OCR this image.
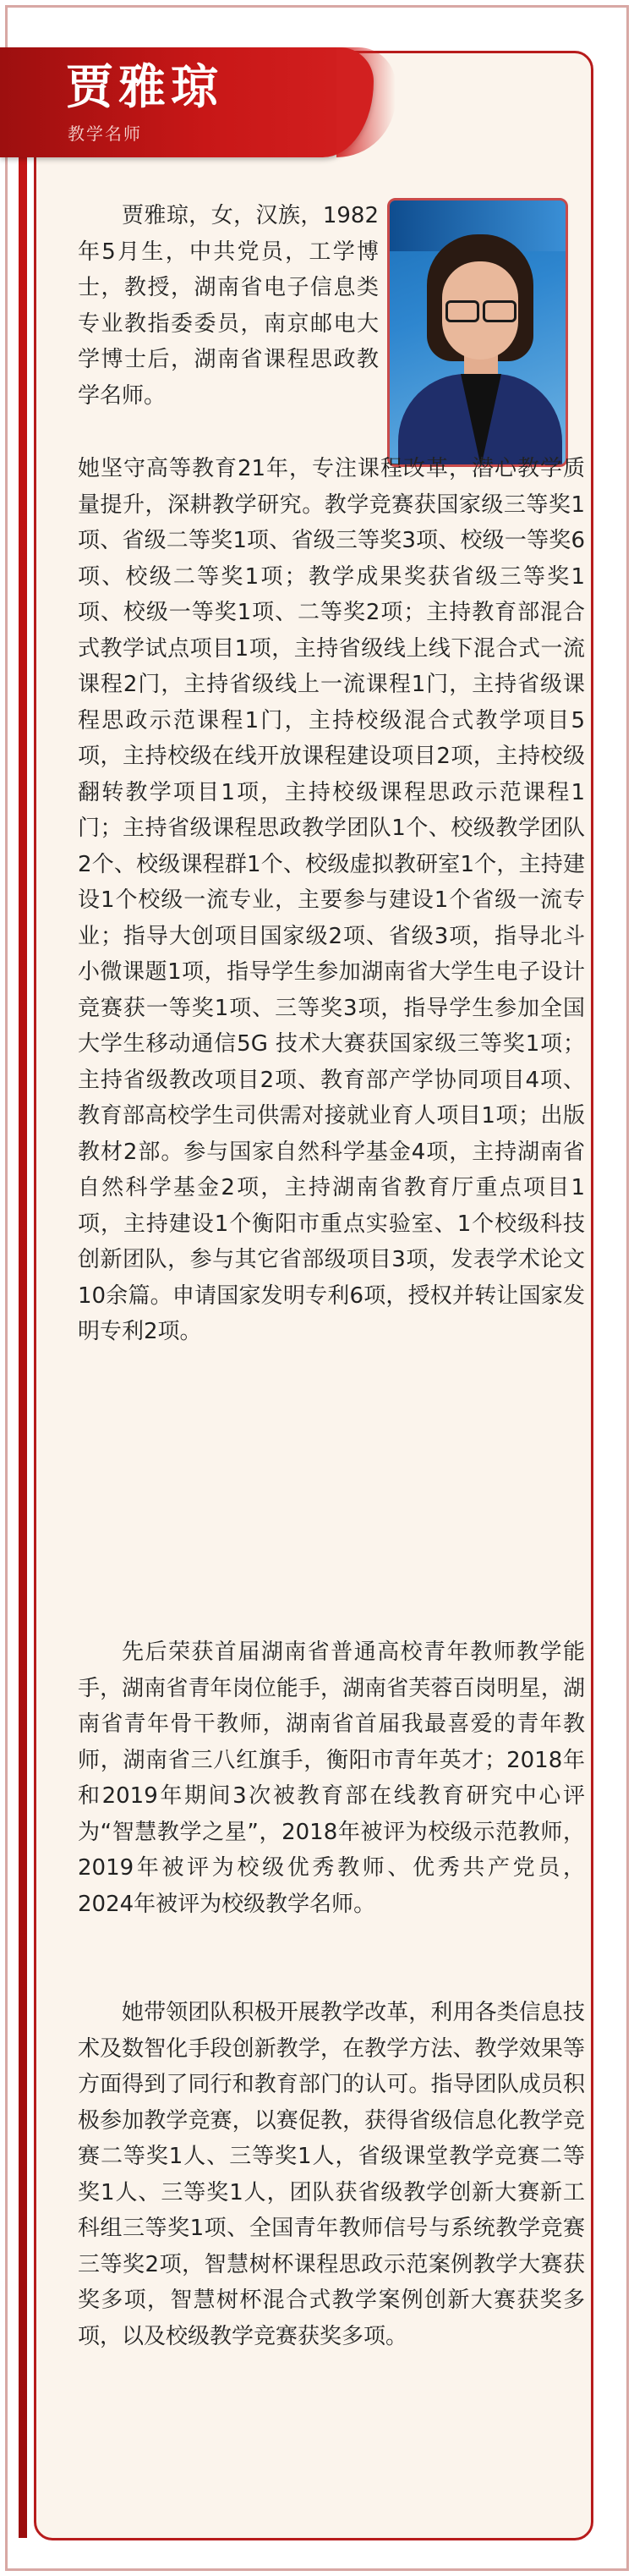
贾雅琼

教学名师

贾雅琼，女，汉族，1982年5月生，中共党员，工学博士，教授，湖南省电子信息类专业教指委委员，南京邮电大学博士后，湖南省课程思政教学名师。

她坚守高等教育21年，专注课程改革，潜心教学质量提升，深耕教学研究。教学竞赛获国家级三等奖1项、省级二等奖1项、省级三等奖3项、校级一等奖6项、校级二等奖1项；教学成果奖获省级三等奖1项、校级一等奖1项、二等奖2项；主持教育部混合式教学试点项目1项，主持省级线上线下混合式一流课程2门，主持省级线上一流课程1门，主持省级课程思政示范课程1门，主持校级混合式教学项目5项，主持校级在线开放课程建设项目2项，主持校级翻转教学项目1项，主持校级课程思政示范课程1门；主持省级课程思政教学团队1个、校级教学团队2个、校级课程群1个、校级虚拟教研室1个，主持建设1个校级一流专业，主要参与建设1个省级一流专业；指导大创项目国家级2项、省级3项，指导北斗小微课题1项，指导学生参加湖南省大学生电子设计竞赛获一等奖1项、三等奖3项，指导学生参加全国大学生移动通信5G 技术大赛获国家级三等奖1项；主持省级教改项目2项、教育部产学协同项目4项、教育部高校学生司供需对接就业育人项目1项；出版教材2部。参与国家自然科学基金4项，主持湖南省自然科学基金2项，主持湖南省教育厅重点项目1项，主持建设1个衡阳市重点实验室、1个校级科技创新团队，参与其它省部级项目3项，发表学术论文10余篇。申请国家发明专利6项，授权并转让国家发明专利2项。

先后荣获首届湖南省普通高校青年教师教学能手，湖南省青年岗位能手，湖南省芙蓉百岗明星，湖南省青年骨干教师，湖南省首届我最喜爱的青年教师，湖南省三八红旗手，衡阳市青年英才；2018年和2019年期间3次被教育部在线教育研究中心评为“智慧教学之星”，2018年被评为校级示范教师，2019年被评为校级优秀教师、优秀共产党员，2024年被评为校级教学名师。

她带领团队积极开展教学改革，利用各类信息技术及数智化手段创新教学，在教学方法、教学效果等方面得到了同行和教育部门的认可。指导团队成员积极参加教学竞赛，以赛促教，获得省级信息化教学竞赛二等奖1人、三等奖1人，省级课堂教学竞赛二等奖1人、三等奖1人，团队获省级教学创新大赛新工科组三等奖1项、全国青年教师信号与系统教学竞赛三等奖2项，智慧树杯课程思政示范案例教学大赛获奖多项，智慧树杯混合式教学案例创新大赛获奖多项，以及校级教学竞赛获奖多项。
